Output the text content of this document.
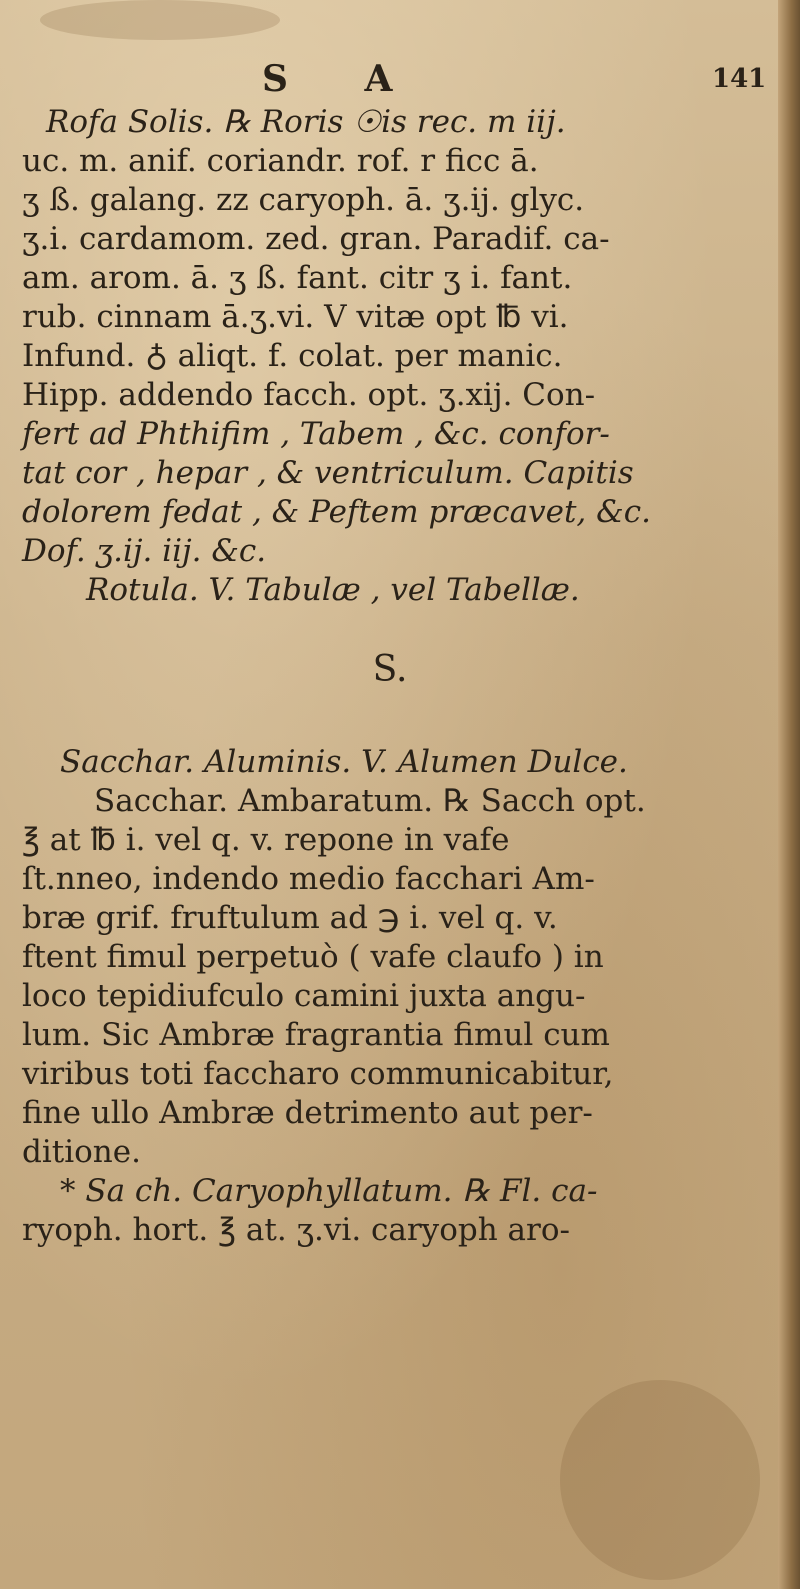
S A	141
Rofa Solis. ℞ Roris ☉is rec. m iij.
uc. m. anif. coriandr. rof. r ficc ā.
ʒ ß. galang. zz caryoph. ā. ʒ.ij. glyc.
ʒ.i. cardamom. zed. gran. Paradif. ca-
am. arom. ā. ʒ ß. fant. citr ʒ i. fant.
rub. cinnam ā.ʒ.vi. V vitæ opt ℔ vi.
Infund. ♁ aliqt. f. colat. per manic.
Hipp. addendo facch. opt. ʒ.xij. Con-
fert ad Phthifim , Tabem , &c. confor-
tat cor , hepar , & ventriculum. Capitis
dolorem fedat , & Peftem præcavet, &c.
Dof. ʒ.ij. iij. &c.
Rotula. V. Tabulæ , vel Tabellæ.
S.
Sacchar. Aluminis. V. Alumen Dulce.
Sacchar. Ambaratum. ℞ Sacch opt.
℥ at ℔ i. vel q. v. repone in vafe
ſt.nneo, indendo medio facchari Am-
bræ grif. fruftulum ad ℈ i. vel q. v.
ftent fimul perpetuò ( vafe claufo ) in
loco tepidiufculo camini juxta angu-
lum. Sic Ambræ fragrantia fimul cum
viribus toti faccharo communicabitur,
fine ullo Ambræ detrimento aut per-
ditione.
* Sa ch. Caryophyllatum. ℞ Fl. ca-
ryoph. hort. ℥ at. ʒ.vi. caryoph aro-
